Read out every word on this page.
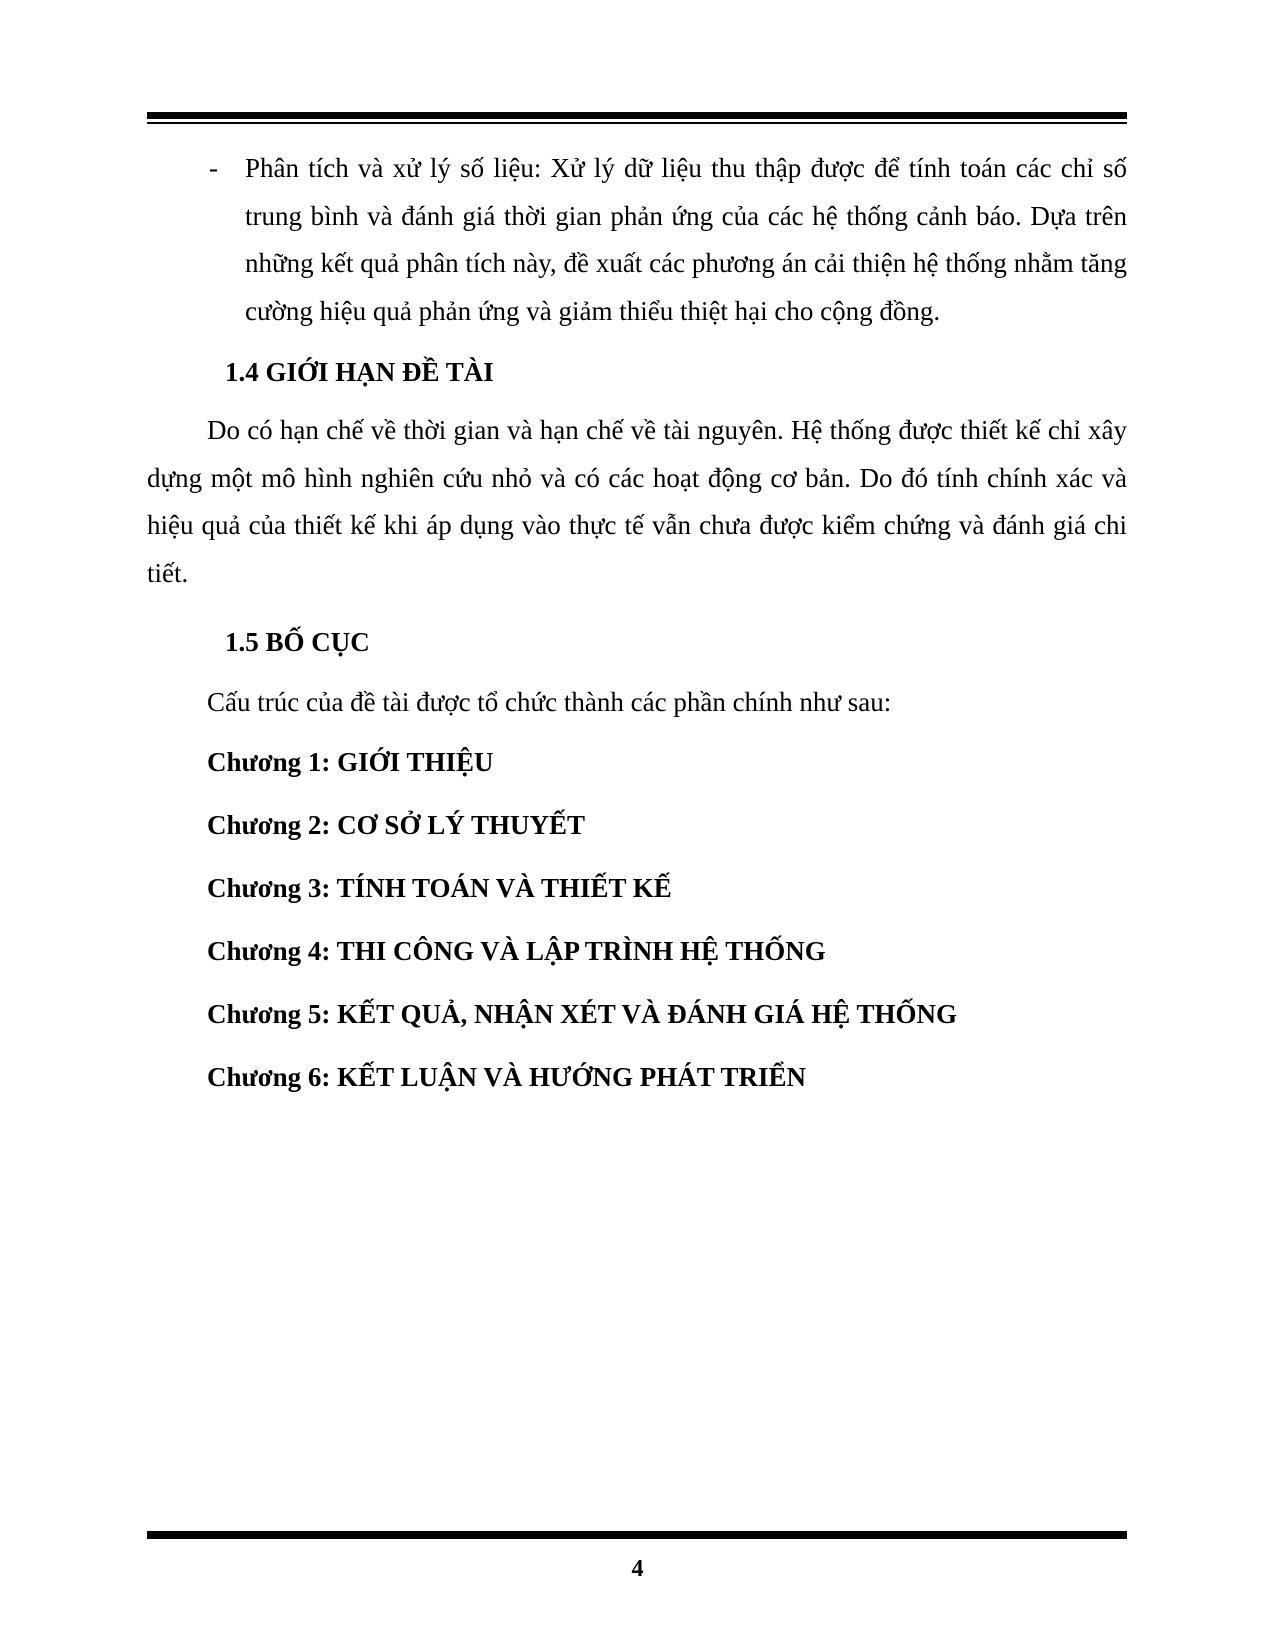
- Phân tích và xử lý số liệu: Xử lý dữ liệu thu thập được để tính toán các chỉ số trung bình và đánh giá thời gian phản ứng của các hệ thống cảnh báo. Dựa trên những kết quả phân tích này, đề xuất các phương án cải thiện hệ thống nhằm tăng cường hiệu quả phản ứng và giảm thiểu thiệt hại cho cộng đồng.
1.4 GIỚI HẠN ĐỀ TÀI
Do có hạn chế về thời gian và hạn chế về tài nguyên. Hệ thống được thiết kế chỉ xây dựng một mô hình nghiên cứu nhỏ và có các hoạt động cơ bản. Do đó tính chính xác và hiệu quả của thiết kế khi áp dụng vào thực tế vẫn chưa được kiểm chứng và đánh giá chi tiết.
1.5 BỐ CỤC
Cấu trúc của đề tài được tổ chức thành các phần chính như sau:
Chương 1: GIỚI THIỆU
Chương 2: CƠ SỞ LÝ THUYẾT
Chương 3: TÍNH TOÁN VÀ THIẾT KẾ
Chương 4: THI CÔNG VÀ LẬP TRÌNH HỆ THỐNG
Chương 5: KẾT QUẢ, NHẬN XÉT VÀ ĐÁNH GIÁ HỆ THỐNG
Chương 6: KẾT LUẬN VÀ HƯỚNG PHÁT TRIỂN
4
